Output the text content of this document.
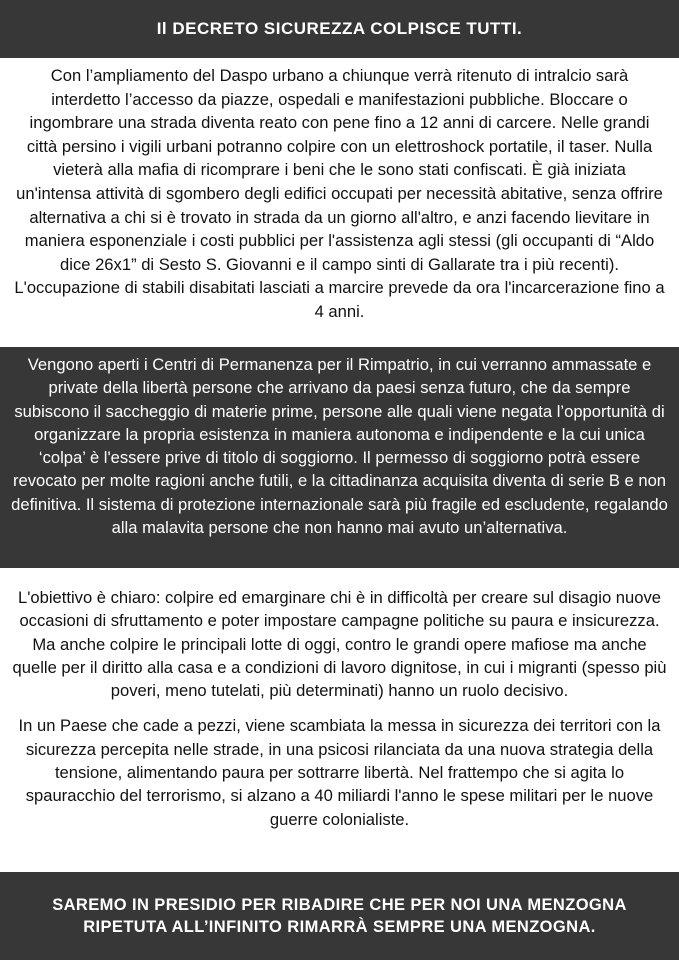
Il DECRETO SICUREZZA COLPISCE TUTTI.
Con l’ampliamento del Daspo urbano a chiunque verrà ritenuto di intralcio sarà interdetto l’accesso da piazze, ospedali e manifestazioni pubbliche. Bloccare o ingombrare una strada diventa reato con pene fino a 12 anni di carcere. Nelle grandi città persino i vigili urbani potranno colpire con un elettroshock portatile, il taser. Nulla vieterà alla mafia di ricomprare i beni che le sono stati confiscati. È già iniziata un'intensa attività di sgombero degli edifici occupati per necessità abitative, senza offrire alternativa a chi si è trovato in strada da un giorno all'altro, e anzi facendo lievitare in maniera esponenziale i costi pubblici per l'assistenza agli stessi (gli occupanti di “Aldo dice 26x1” di Sesto S. Giovanni e il campo sinti di Gallarate tra i più recenti). L'occupazione di stabili disabitati lasciati a marcire prevede da ora l'incarcerazione fino a 4 anni.
Vengono aperti i Centri di Permanenza per il Rimpatrio, in cui verranno ammassate e private della libertà persone che arrivano da paesi senza futuro, che da sempre subiscono il saccheggio di materie prime, persone alle quali viene negata l’opportunità di organizzare la propria esistenza in maniera autonoma e indipendente e la cui unica ‘colpa’ è l'essere prive di titolo di soggiorno. Il permesso di soggiorno potrà essere revocato per molte ragioni anche futili, e la cittadinanza acquisita diventa di serie B e non definitiva. Il sistema di protezione internazionale sarà più fragile ed escludente, regalando alla malavita persone che non hanno mai avuto un’alternativa.

L'obiettivo è chiaro: colpire ed emarginare chi è in difficoltà per creare sul disagio nuove occasioni di sfruttamento e poter impostare campagne politiche su paura e insicurezza. Ma anche colpire le principali lotte di oggi, contro le grandi opere mafiose ma anche quelle per il diritto alla casa e a condizioni di lavoro dignitose, in cui i migranti (spesso più poveri, meno tutelati, più determinati) hanno un ruolo decisivo.

In un Paese che cade a pezzi, viene scambiata la messa in sicurezza dei territori con la sicurezza percepita nelle strade, in una psicosi rilanciata da una nuova strategia della tensione, alimentando paura per sottrarre libertà. Nel frattempo che si agita lo spauracchio del terrorismo, si alzano a 40 miliardi l'anno le spese militari per le nuove guerre colonialiste.

SAREMO IN PRESIDIO PER RIBADIRE CHE PER NOI UNA MENZOGNA
RIPETUTA ALL’INFINITO RIMARRÀ SEMPRE UNA MENZOGNA.
